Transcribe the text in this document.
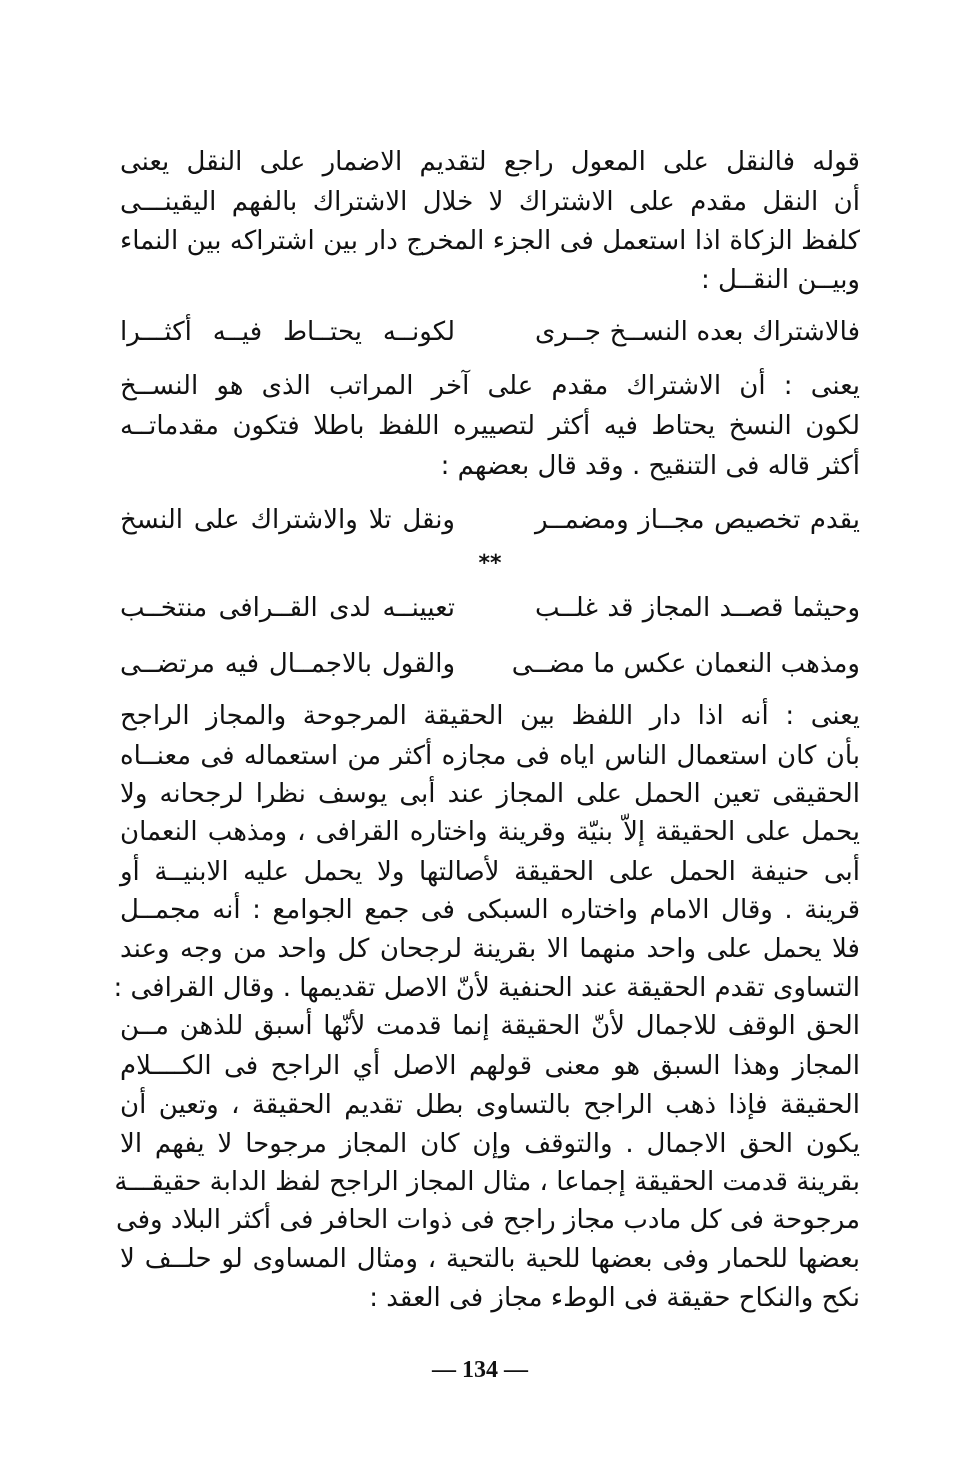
قوله فالنقل على المعول راجع لتقديم الاضمار على النقل يعنى
أن النقل مقدم على الاشتراك لا خلال الاشتراك بالفهم اليقينـــى
كلفظ الزكاة اذا استعمل فى الجزء المخرج دار بين اشتراكه بين النماء
وبيــن النقــل :
فالاشتراك بعده النســخ جــرى
لكونــه يحتــاط فيــه أكثـــرا
يعنى : أن الاشتراك مقدم على آخر المراتب الذى هو النســخ
لكون النسخ يحتاط فيه أكثر لتصييره اللفظ باطلا فتكون مقدماتــه
أكثر قاله فى التنقيح . وقد قال بعضهم :
يقدم تخصيص مجــاز ومضمــر
ونقل تلا والاشتراك على النسخ
**
وحيثما قصــد المجاز قد غلــب
تعيينــه لدى القــرافى منتخــب
ومذهب النعمان عكس ما مضــى
والقول بالاجمــال فيه مرتضــى
يعنى : أنه اذا دار اللفظ بين الحقيقة المرجوحة والمجاز الراجح
بأن كان استعمال الناس اياه فى مجازه أكثر من استعماله فى معنــاه
الحقيقى تعين الحمل على المجاز عند أبى يوسف نظرا لرجحانه ولا
يحمل على الحقيقة إلاّ بنيّة وقرينة واختاره القرافى ، ومذهب النعمان
أبى حنيفة الحمل على الحقيقة لأصالتها ولا يحمل عليه الابنيــة أو
قرينة . وقال الامام واختاره السبكى فى جمع الجوامع : أنه مجمــل
فلا يحمل على واحد منهما الا بقرينة لرجحان كل واحد من وجه وعند
التساوى تقدم الحقيقة عند الحنفية لأنّ الاصل تقديمها . وقال القرافى :
الحق الوقف للاجمال لأنّ الحقيقة إنما قدمت لأنّها أسبق للذهن مــن
المجاز وهذا السبق هو معنى قولهم الاصل أي الراجح فى الكــــلام
الحقيقة فإذا ذهب الراجح بالتساوى بطل تقديم الحقيقة ، وتعين أن
يكون الحق الاجمال . والتوقف وإن كان المجاز مرجوحا لا يفهم الا
بقرينة قدمت الحقيقة إجماعا ، مثال المجاز الراجح لفظ الدابة حقيقـــة
مرجوحة فى كل مادب مجاز راجح فى ذوات الحافر فى أكثر البلاد وفى
بعضها للحمار وفى بعضها للحية بالتحية ، ومثال المساوى لو حلــف لا
نكح والنكاح حقيقة فى الوطء مجاز فى العقد :
— 134 —
